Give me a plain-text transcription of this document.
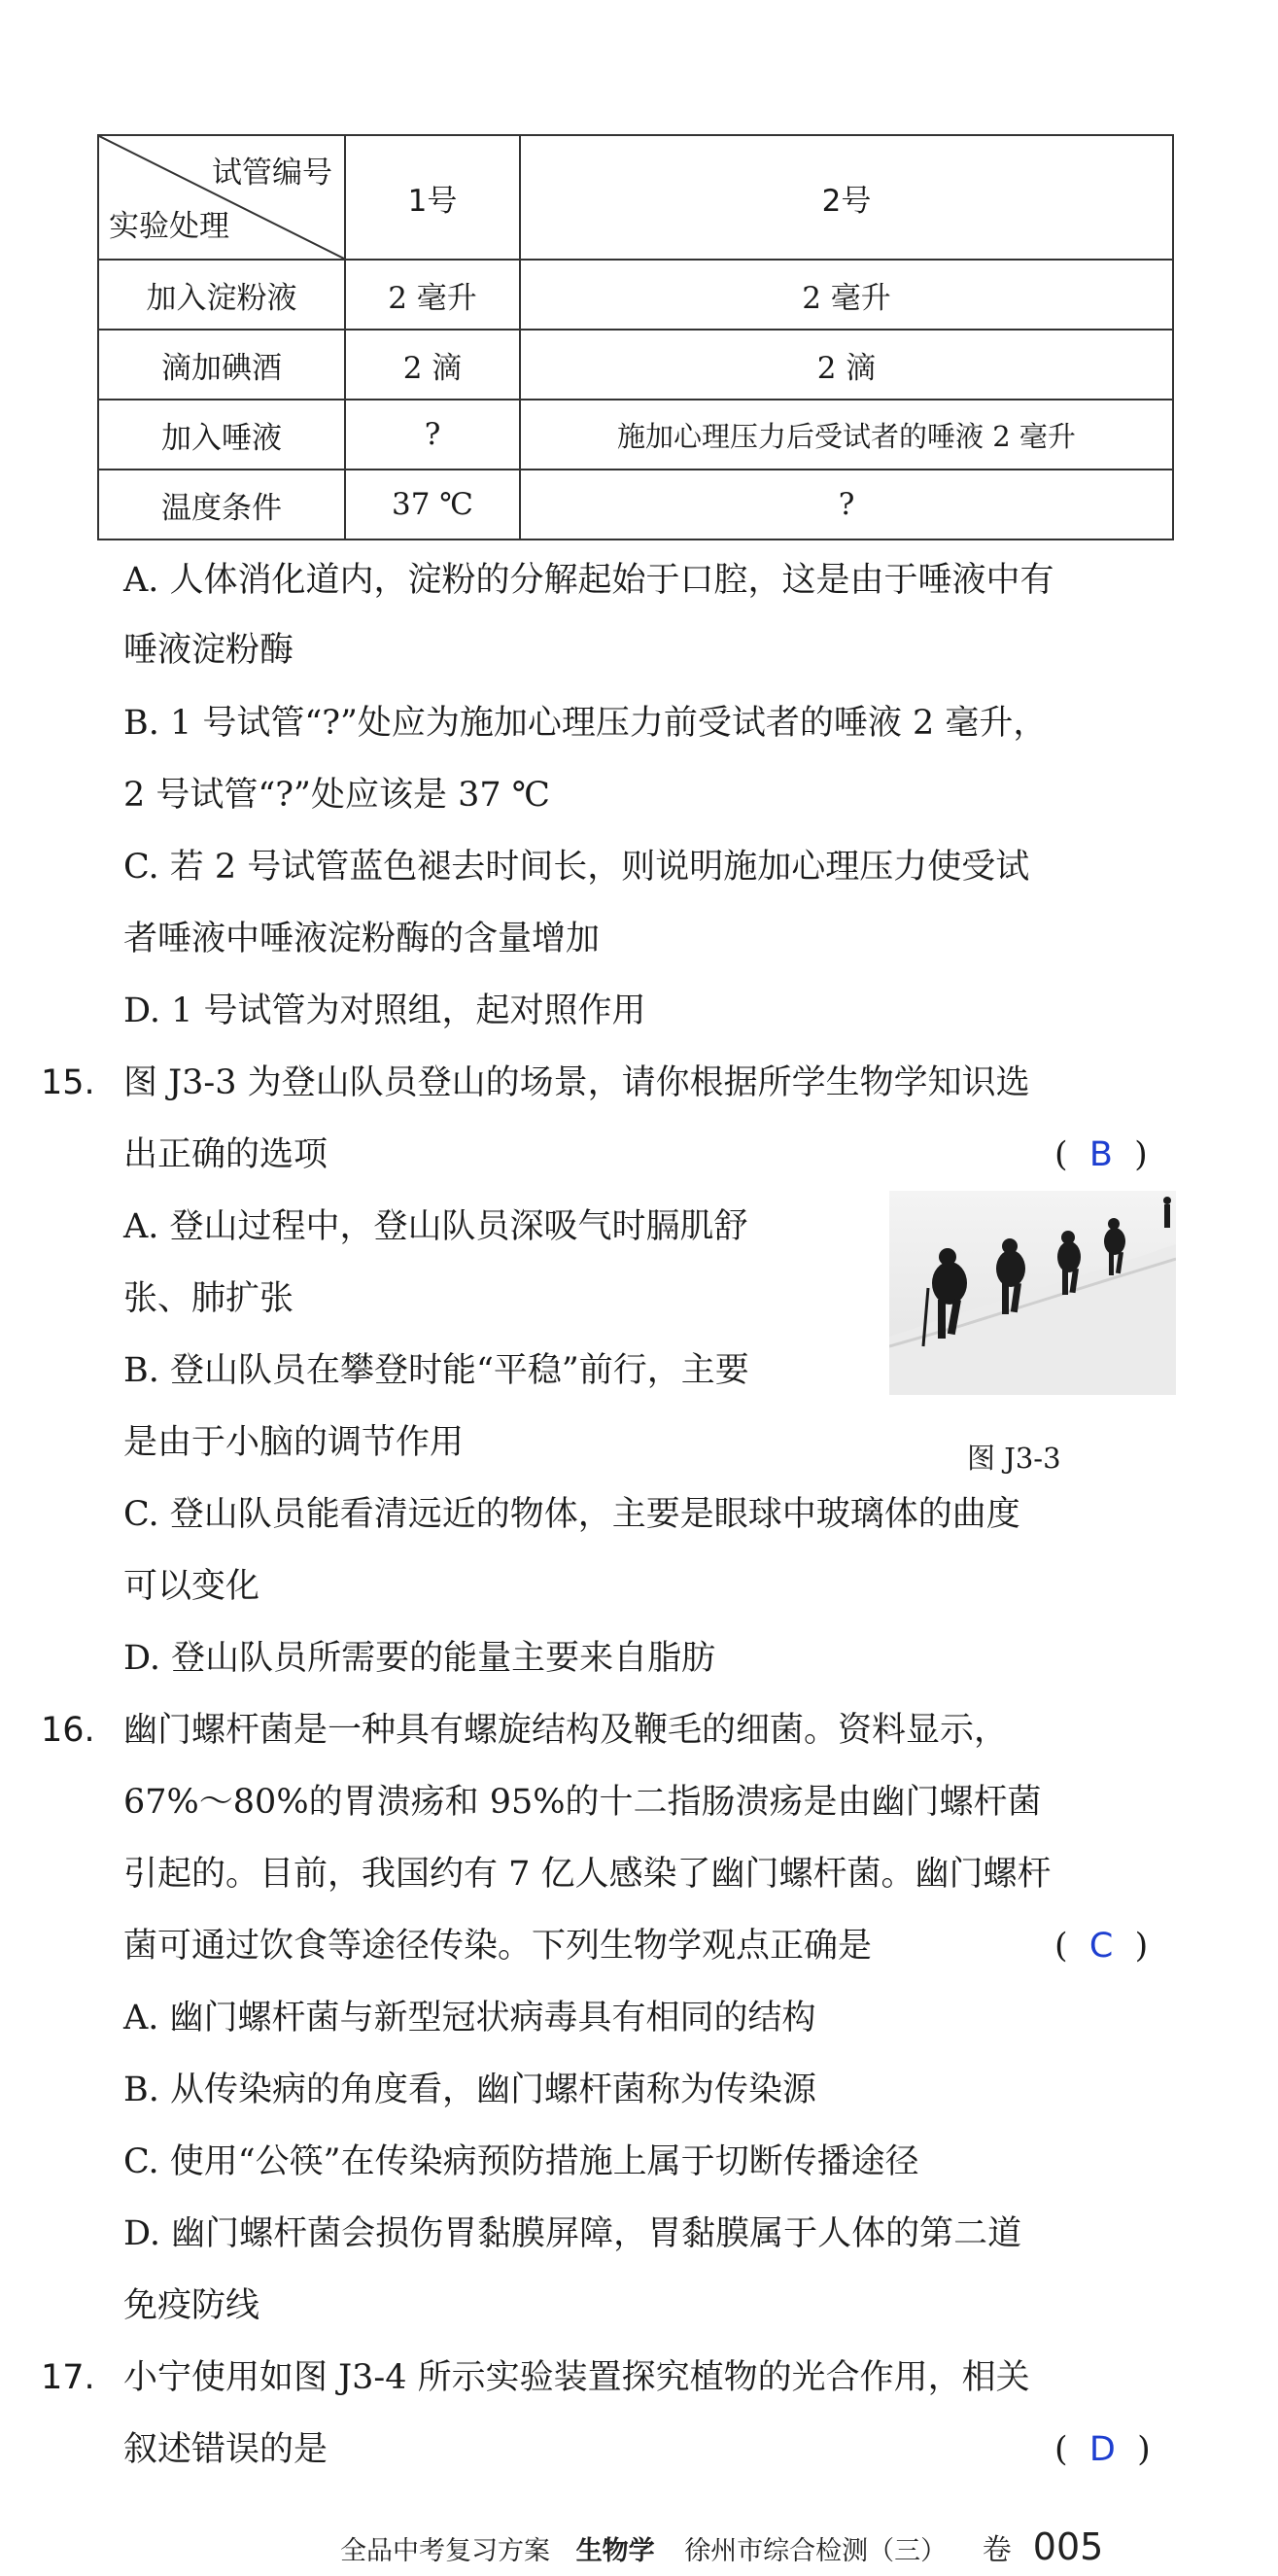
试管编号
实验处理	1号	2号
加入淀粉液	2 毫升	2 毫升
滴加碘酒	2 滴	2 滴
加入唾液	?	施加心理压力后受试者的唾液 2 毫升
温度条件	37 ℃	?
A. 人体消化道内，淀粉的分解起始于口腔，这是由于唾液中有
唾液淀粉酶
B. 1 号试管“?”处应为施加心理压力前受试者的唾液 2 毫升，
2 号试管“?”处应该是 37 ℃
C. 若 2 号试管蓝色褪去时间长，则说明施加心理压力使受试
者唾液中唾液淀粉酶的含量增加
D. 1 号试管为对照组，起对照作用
15. 图 J3-3 为登山队员登山的场景，请你根据所学生物学知识选
出正确的选项	(  B  )
A. 登山过程中，登山队员深吸气时膈肌舒
张、肺扩张
B. 登山队员在攀登时能“平稳”前行，主要
是由于小脑的调节作用	图 J3-3
C. 登山队员能看清远近的物体，主要是眼球中玻璃体的曲度
可以变化
D. 登山队员所需要的能量主要来自脂肪
16. 幽门螺杆菌是一种具有螺旋结构及鞭毛的细菌。资料显示，
67%～80%的胃溃疡和 95%的十二指肠溃疡是由幽门螺杆菌
引起的。目前，我国约有 7 亿人感染了幽门螺杆菌。幽门螺杆
菌可通过饮食等途径传染。下列生物学观点正确是	(  C  )
A. 幽门螺杆菌与新型冠状病毒具有相同的结构
B. 从传染病的角度看，幽门螺杆菌称为传染源
C. 使用“公筷”在传染病预防措施上属于切断传播途径
D. 幽门螺杆菌会损伤胃黏膜屏障，胃黏膜属于人体的第二道
免疫防线
17. 小宁使用如图 J3-4 所示实验装置探究植物的光合作用，相关
叙述错误的是	(  D  )
全品中考复习方案 生物学 徐州市综合检测（三） 卷 005
